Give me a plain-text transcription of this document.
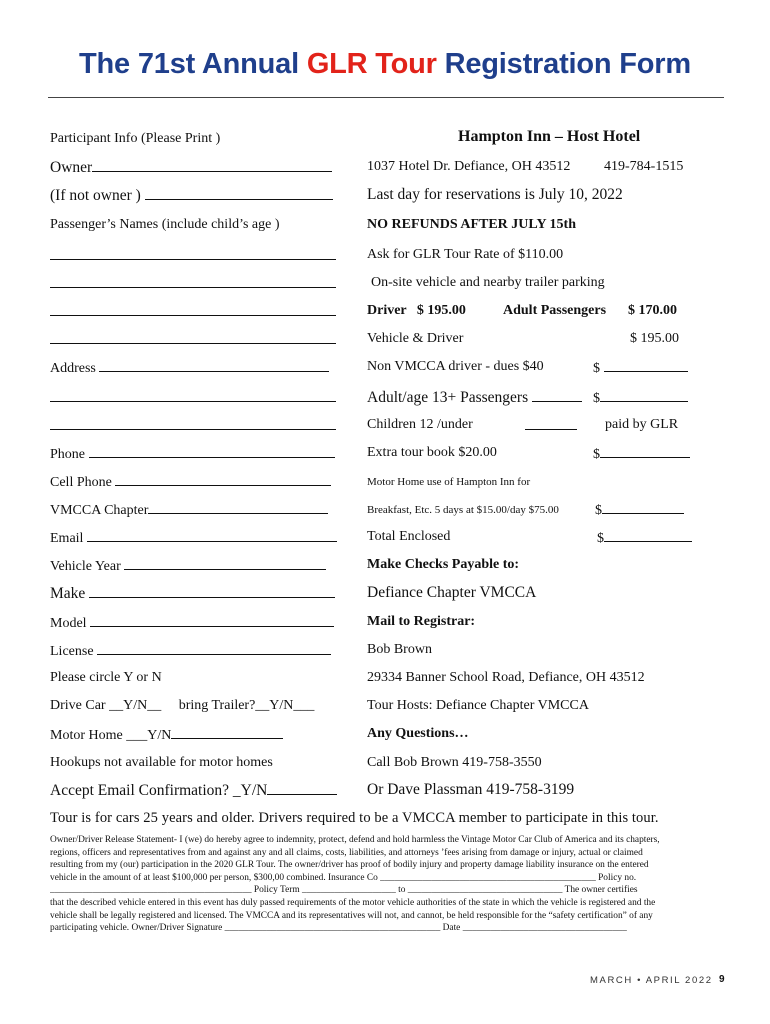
The 71st Annual GLR Tour Registration Form
Participant Info (Please Print )
Owner
(If not owner )
Passenger’s Names (include child’s age )
Address
Phone
Cell Phone
VMCCA Chapter
Email
Vehicle Year
Make
Model
License
Please circle Y or N
Drive Car __Y/N__ bring Trailer?__Y/N___
Motor Home ___Y/N
Hookups not available for motor homes
Accept Email Confirmation? _Y/N
Hampton Inn – Host Hotel
1037 Hotel Dr. Defiance, OH 43512 419-784-1515
Last day for reservations is July 10, 2022
NO REFUNDS AFTER JULY 15th
Ask for GLR Tour Rate of $110.00
On-site vehicle and nearby trailer parking
Driver   $ 195.00	Adult Passengers $ 170.00
Vehicle & Driver	$ 195.00
Non VMCCA driver - dues $40	$
Adult/age 13+ Passengers	$
Children 12 /under	paid by GLR
Extra tour book $20.00	$
Motor Home use of Hampton Inn for
Breakfast, Etc. 5 days at $15.00/day $75.00	$
Total Enclosed	$
Make Checks Payable to:
Defiance Chapter VMCCA
Mail to Registrar:
Bob Brown
29334 Banner School Road, Defiance, OH 43512
Tour Hosts: Defiance Chapter VMCCA
Any Questions…
Call Bob Brown 419-758-3550
Or Dave Plassman 419-758-3199
Tour is for cars 25 years and older. Drivers required to be a VMCCA member to participate in this tour.
Owner/Driver Release Statement- I (we) do hereby agree to indemnity, protect, defend and hold harmless the Vintage Motor Car Club of America and its chapters,
regions, officers and representatives from and against any and all claims, costs, liabilities, and attorneys ’fees arising from damage or injury, actual or claimed
resulting from my (our) participation in the 2020 GLR Tour. The owner/driver has proof of bodily injury and property damage liability insurance on the entered
vehicle in the amount of at least $100,000 per person, $300,00 combined. Insurance Co ______________________________________________ Policy no.
___________________________________________ Policy Term ____________________ to _________________________________ The owner certifies
that the described vehicle entered in this event has duly passed requirements of the motor vehicle authorities of the state in which the vehicle is registered and the
vehicle shall be legally registered and licensed. The VMCCA and its representatives will not, and cannot, be held responsible for the “safety certification” of any
participating vehicle. Owner/Driver Signature ______________________________________________ Date ___________________________________
MARCH • APRIL 2022 9
